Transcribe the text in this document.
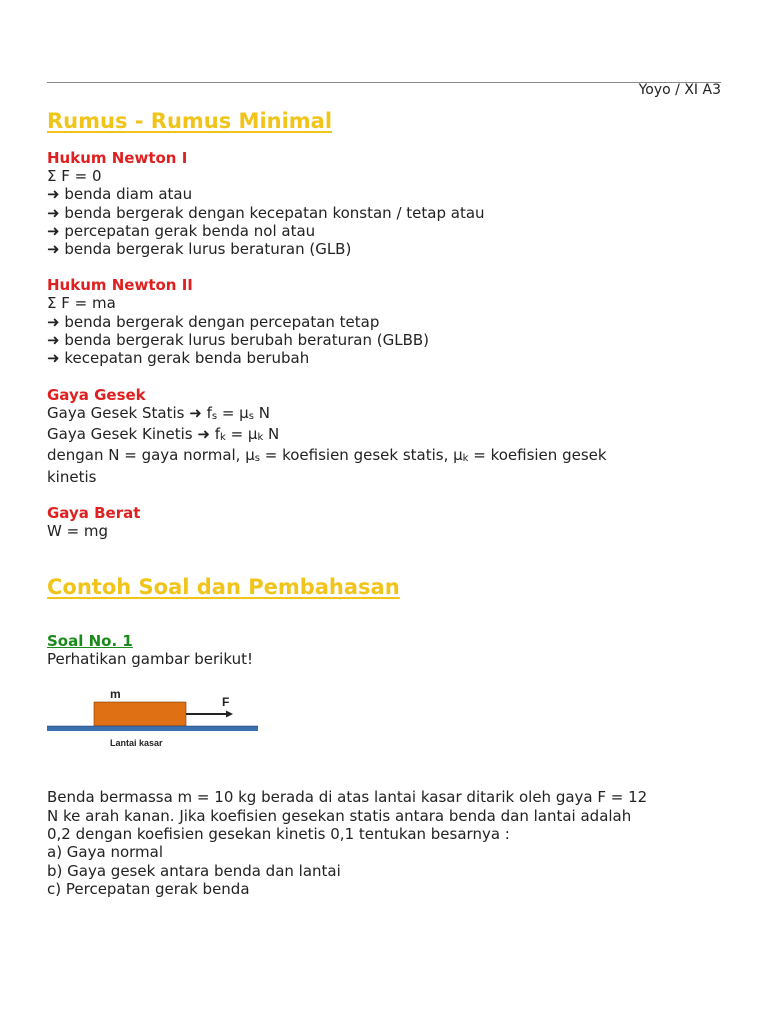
Yoyo / XI A3
Rumus - Rumus Minimal
Hukum Newton I
Σ F = 0
➜ benda diam atau
➜ benda bergerak dengan kecepatan konstan / tetap atau
➜ percepatan gerak benda nol atau
➜ benda bergerak lurus beraturan (GLB)
Hukum Newton II
Σ F = ma
➜ benda bergerak dengan percepatan tetap
➜ benda bergerak lurus berubah beraturan (GLBB)
➜ kecepatan gerak benda berubah
Gaya Gesek
Gaya Gesek Statis ➜ fs = μs N
Gaya Gesek Kinetis ➜ fk = μk N
dengan N = gaya normal, μs = koefisien gesek statis, μk = koefisien gesek
kinetis
Gaya Berat
W = mg
Contoh Soal dan Pembahasan
Soal No. 1
Perhatikan gambar berikut!
m
F
Lantai kasar
Benda bermassa m = 10 kg berada di atas lantai kasar ditarik oleh gaya F = 12
N ke arah kanan. Jika koefisien gesekan statis antara benda dan lantai adalah
0,2 dengan koefisien gesekan kinetis 0,1 tentukan besarnya :
a) Gaya normal
b) Gaya gesek antara benda dan lantai
c) Percepatan gerak benda
